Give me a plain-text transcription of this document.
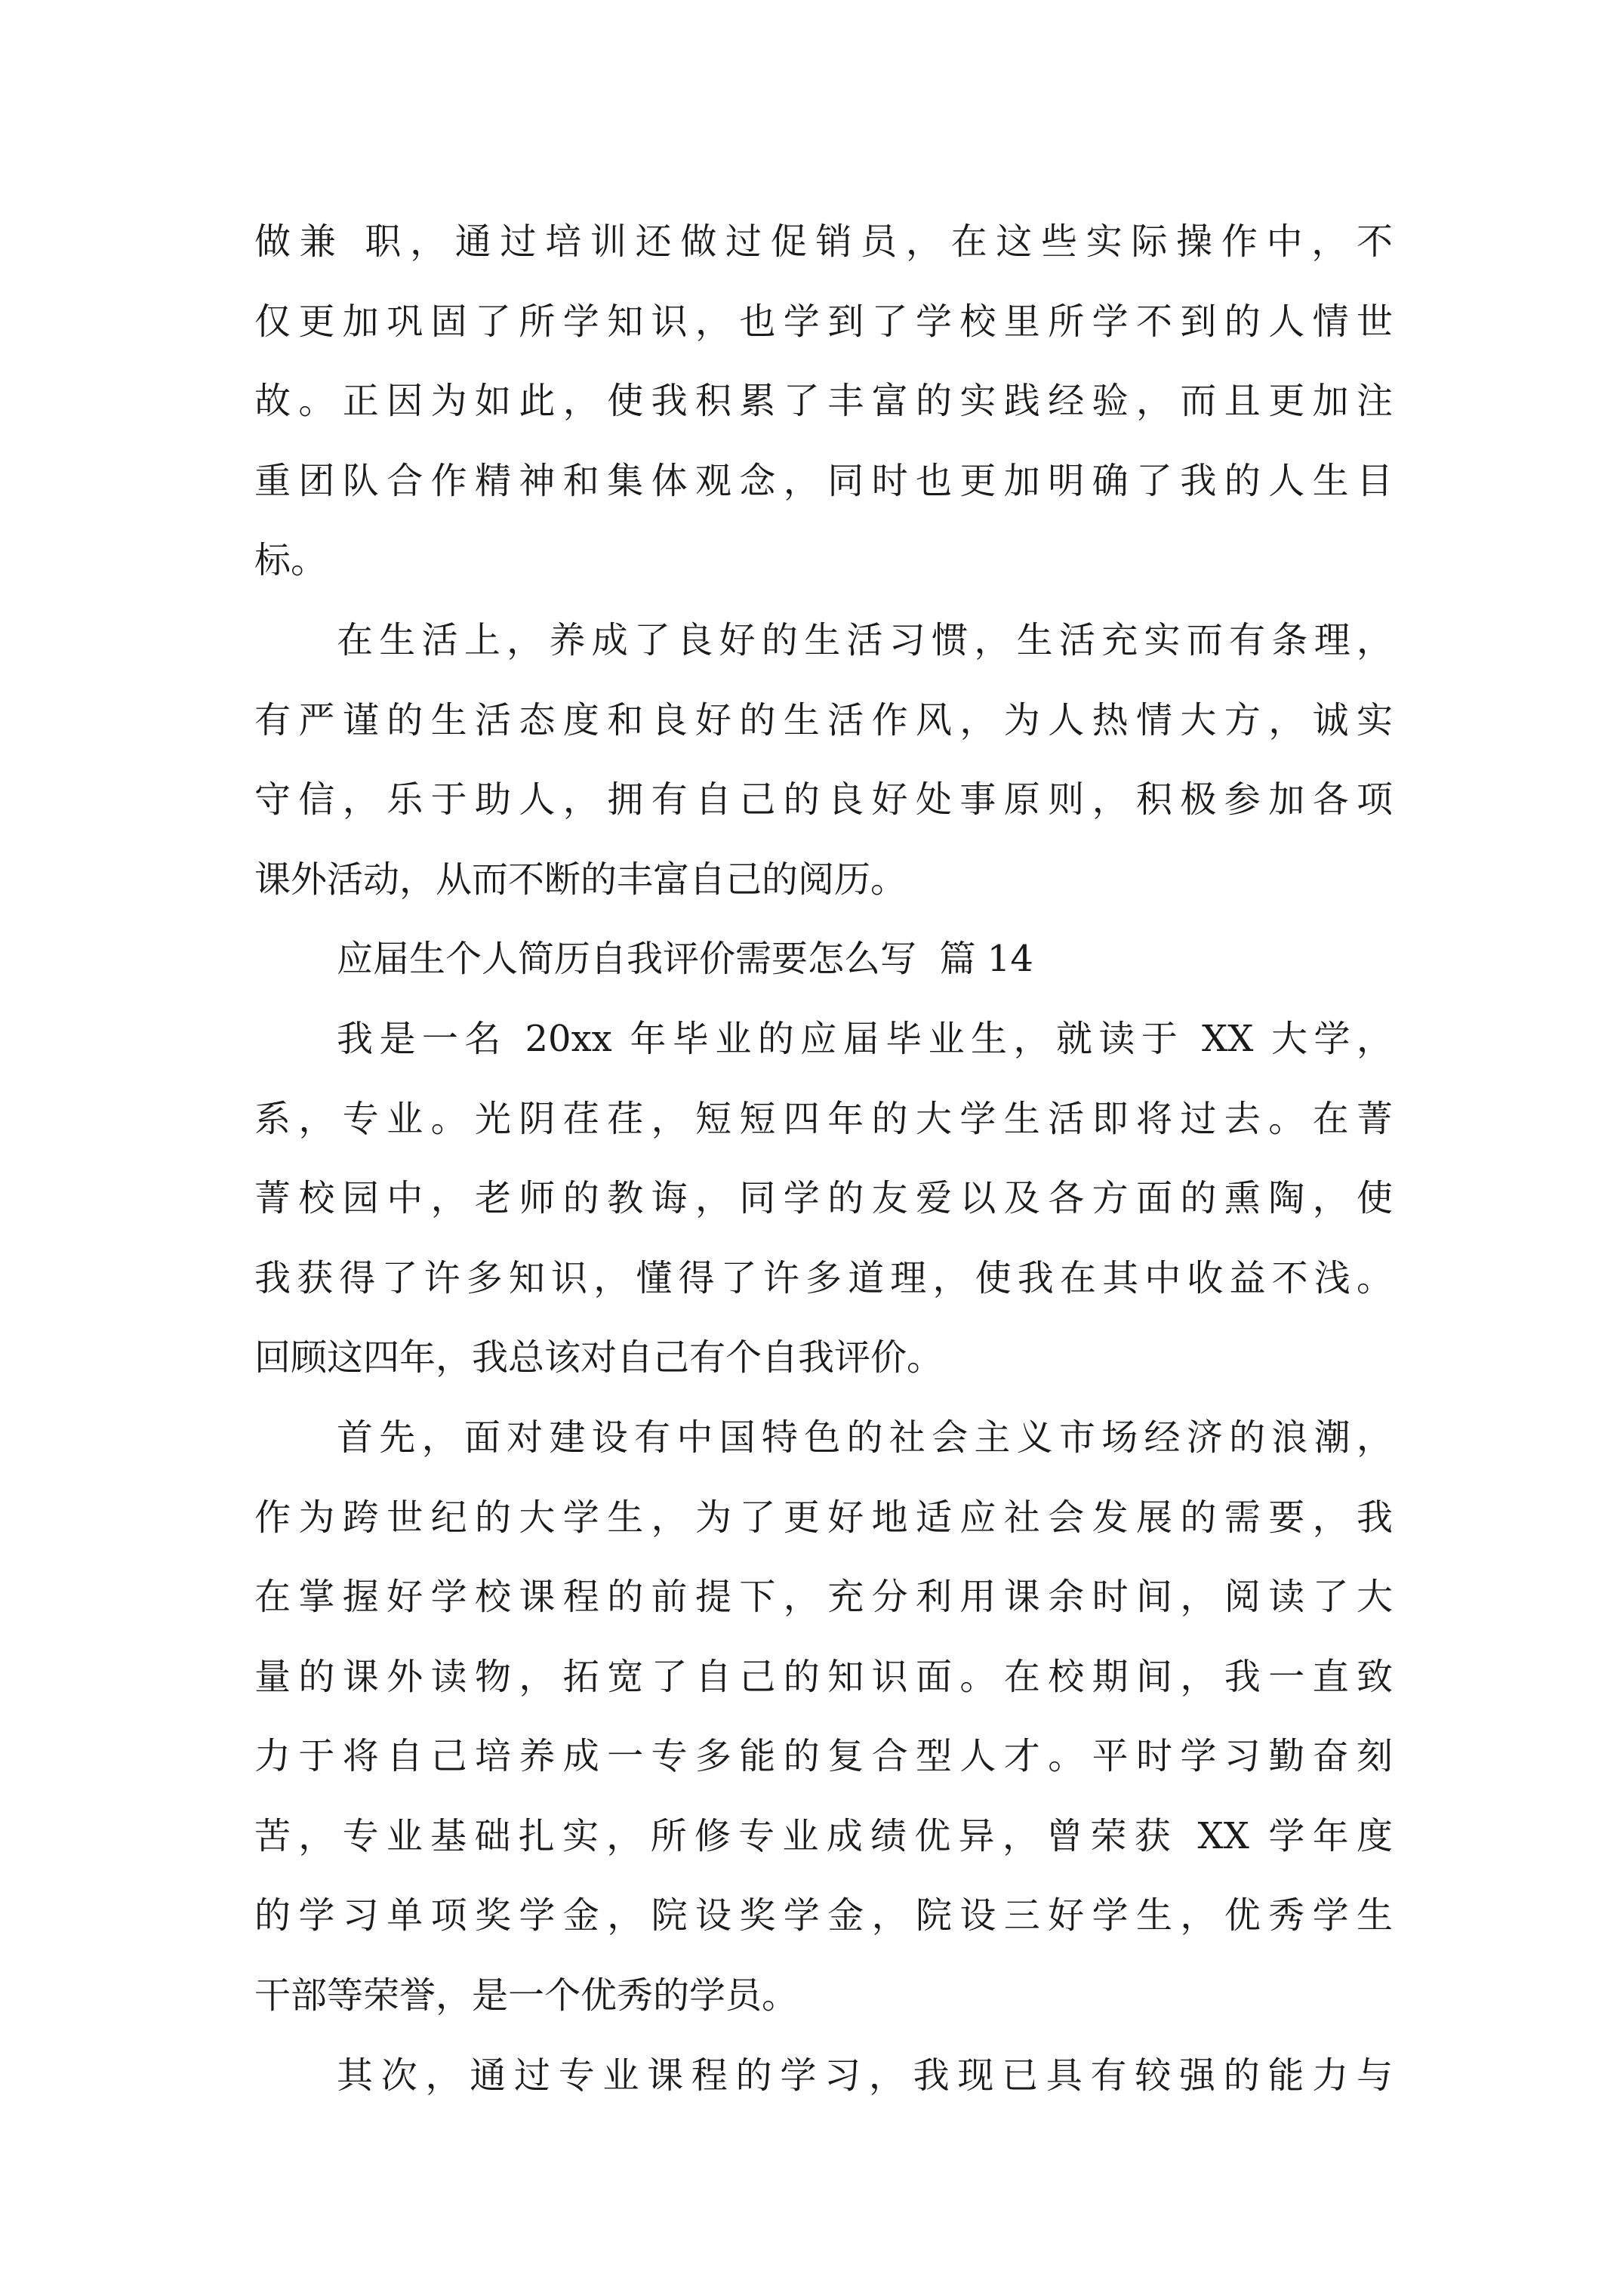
做兼 职，通过培训还做过促销员，在这些实际操作中，不
仅更加巩固了所学知识，也学到了学校里所学不到的人情世
故。正因为如此，使我积累了丰富的实践经验，而且更加注
重团队合作精神和集体观念，同时也更加明确了我的人生目
标。
在生活上，养成了良好的生活习惯，生活充实而有条理，
有严谨的生活态度和良好的生活作风，为人热情大方，诚实
守信，乐于助人，拥有自己的良好处事原则，积极参加各项
课外活动，从而不断的丰富自己的阅历。
应届生个人简历自我评价需要怎么写  篇 14
我是一名 20xx 年毕业的应届毕业生，就读于 XX 大学，
系，专业。光阴荏荏，短短四年的大学生活即将过去。在菁
菁校园中，老师的教诲，同学的友爱以及各方面的熏陶，使
我获得了许多知识，懂得了许多道理，使我在其中收益不浅。
回顾这四年，我总该对自己有个自我评价。
首先，面对建设有中国特色的社会主义市场经济的浪潮，
作为跨世纪的大学生，为了更好地适应社会发展的需要，我
在掌握好学校课程的前提下，充分利用课余时间，阅读了大
量的课外读物，拓宽了自己的知识面。在校期间，我一直致
力于将自己培养成一专多能的复合型人才。平时学习勤奋刻
苦，专业基础扎实，所修专业成绩优异，曾荣获 XX 学年度
的学习单项奖学金，院设奖学金，院设三好学生，优秀学生
干部等荣誉，是一个优秀的学员。
其次，通过专业课程的学习，我现已具有较强的能力与
